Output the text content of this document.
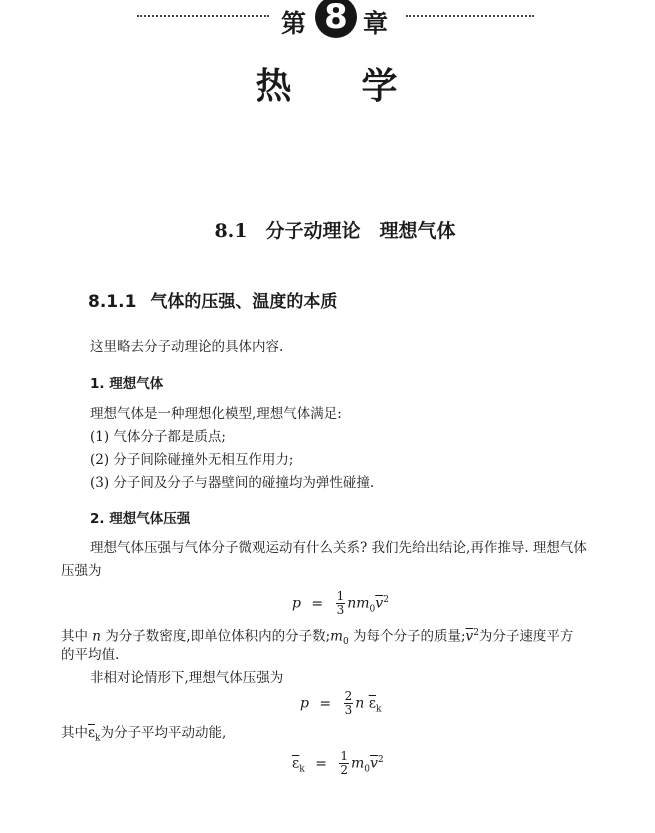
第 8 章
热 学
8.1 分子动理论　理想气体
8.1.1 气体的压强、温度的本质
这里略去分子动理论的具体内容.
1. 理想气体
理想气体是一种理想化模型,理想气体满足:
(1) 气体分子都是质点;
(2) 分子间除碰撞外无相互作用力;
(3) 分子间及分子与器壁间的碰撞均为弹性碰撞.
2. 理想气体压强
理想气体压强与气体分子微观运动有什么关系? 我们先给出结论,再作推导. 理想气体
压强为
$p = \frac{1}{3} nm_0\overline{v}^2$
其中 n 为分子数密度,即单位体积内的分子数$;m_0$ 为每个分子的质量$;\overline{v}^2$为分子速度平方
的平均值.
非相对论情形下,理想气体压强为
$p = \frac{2}{3}$ n $\overline{\varepsilon}_k$
其中$\overline{\varepsilon}_k$为分子平均平动动能,
$\overline{\varepsilon}_k = \frac{1}{2} m_0\overline{v}^2$
